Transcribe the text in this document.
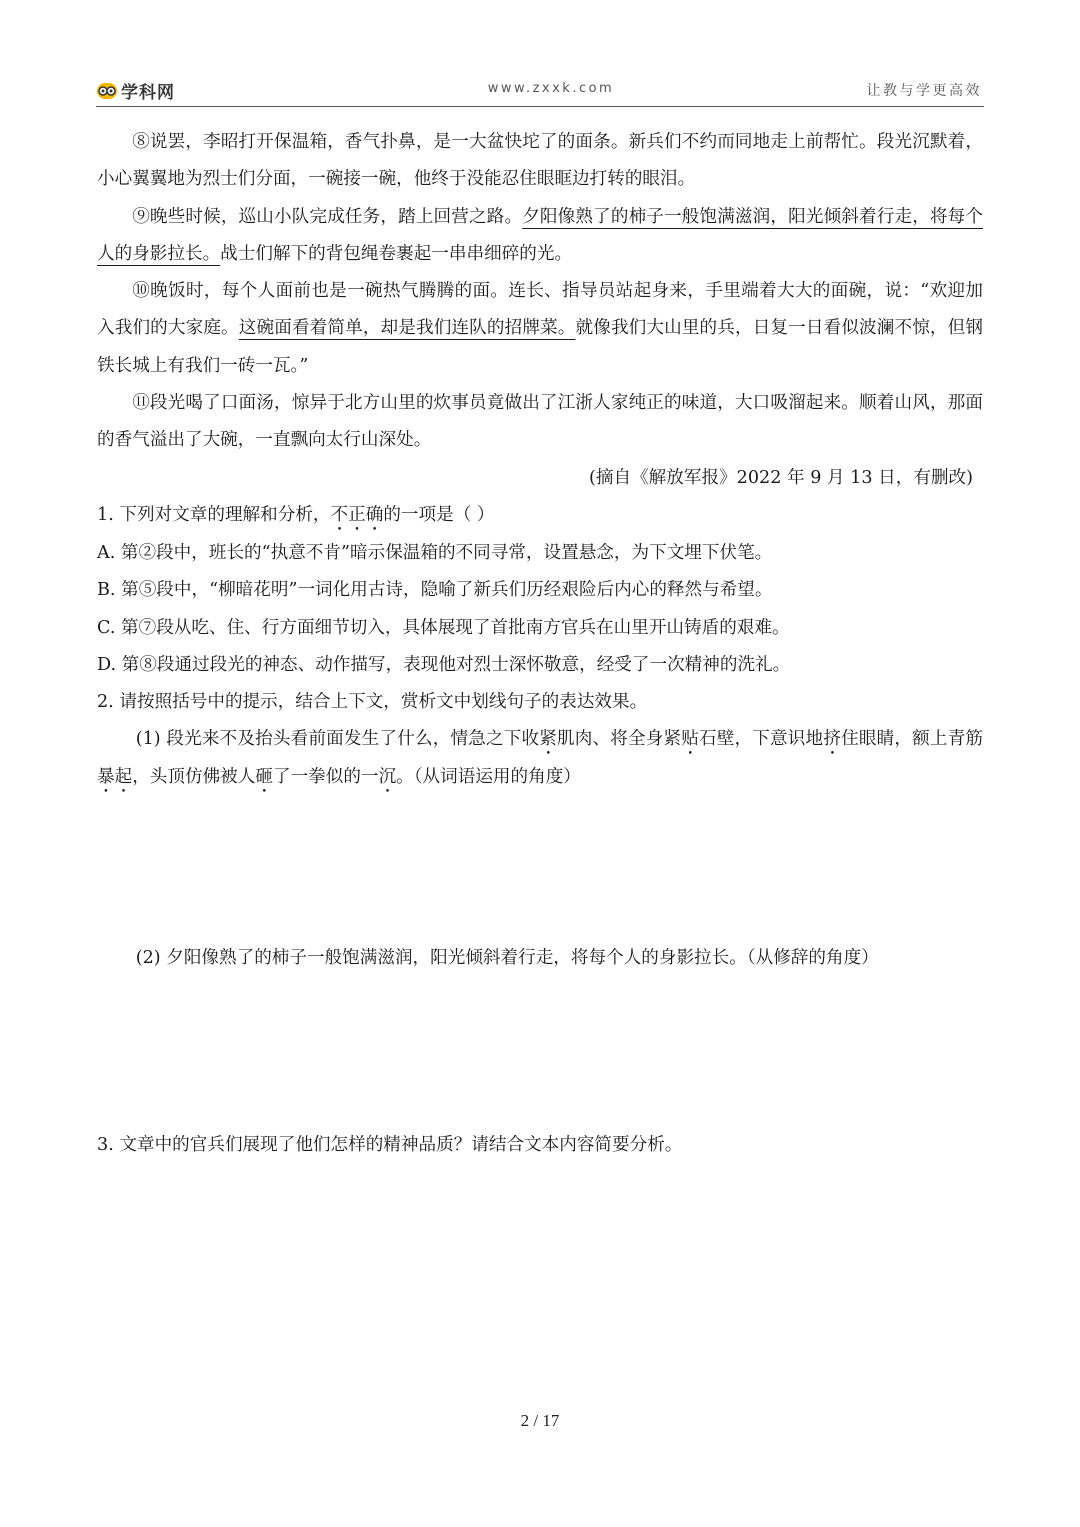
学科网	www.zxxk.com	让教与学更高效

⑧说罢，李昭打开保温箱，香气扑鼻，是一大盆快坨了的面条。新兵们不约而同地走上前帮忙。段光沉默着，小心翼翼地为烈士们分面，一碗接一碗，他终于没能忍住眼眶边打转的眼泪。

⑨晚些时候，巡山小队完成任务，踏上回营之路。夕阳像熟了的柿子一般饱满滋润，阳光倾斜着行走，将每个人的身影拉长。战士们解下的背包绳卷裹起一串串细碎的光。

⑩晚饭时，每个人面前也是一碗热气腾腾的面。连长、指导员站起身来，手里端着大大的面碗，说：“欢迎加入我们的大家庭。这碗面看着简单，却是我们连队的招牌菜。就像我们大山里的兵，日复一日看似波澜不惊，但钢铁长城上有我们一砖一瓦。”

⑪段光喝了口面汤，惊异于北方山里的炊事员竟做出了江浙人家纯正的味道，大口吸溜起来。顺着山风，那面的香气溢出了大碗，一直飘向太行山深处。

(摘自《解放军报》2022 年 9 月 13 日，有删改)

1. 下列对文章的理解和分析，不正确的一项是（ ）

A. 第②段中，班长的“执意不肯”暗示保温箱的不同寻常，设置悬念，为下文埋下伏笔。

B. 第⑤段中，“柳暗花明”一词化用古诗，隐喻了新兵们历经艰险后内心的释然与希望。

C. 第⑦段从吃、住、行方面细节切入，具体展现了首批南方官兵在山里开山铸盾的艰难。

D. 第⑧段通过段光的神态、动作描写，表现他对烈士深怀敬意，经受了一次精神的洗礼。

2. 请按照括号中的提示，结合上下文，赏析文中划线句子的表达效果。

(1) 段光来不及抬头看前面发生了什么，情急之下收紧肌肉、将全身紧贴石壁，下意识地挤住眼睛，额上青筋暴起，头顶仿佛被人砸了一拳似的一沉。（从词语运用的角度）

(2) 夕阳像熟了的柿子一般饱满滋润，阳光倾斜着行走，将每个人的身影拉长。（从修辞的角度）

3. 文章中的官兵们展现了他们怎样的精神品质？请结合文本内容简要分析。

2 / 17
